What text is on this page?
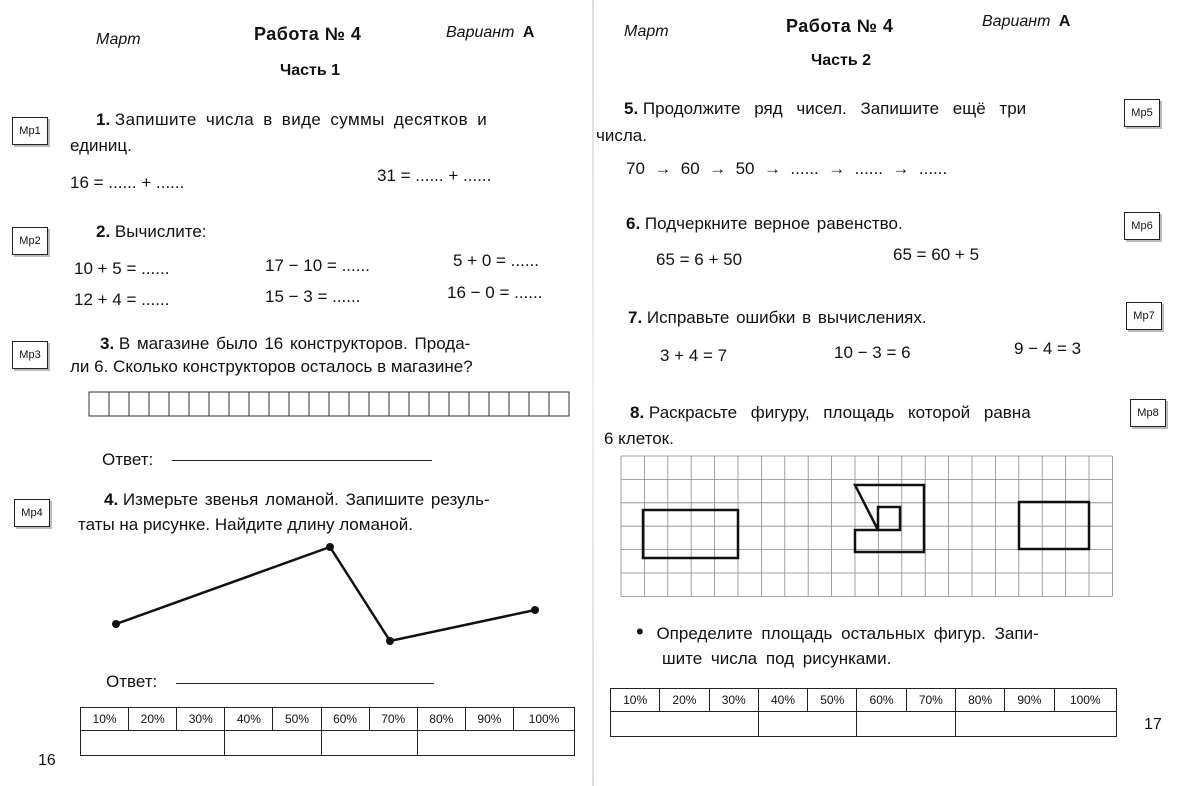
Март	Работа № 4	Вариант А
Часть 1
Мр1
1. Запишите числа в виде суммы десятков и
единиц.
16 = ...... + ......	31 = ...... + ......
Мр2	2. Вычислите:
10 + 5 = ......	17 − 10 = ......	5 + 0 = ......
12 + 4 = ......	15 − 3 = ......	16 − 0 = ......
Мр3
3. В магазине было 16 конструкторов. Прода-
ли 6. Сколько конструкторов осталось в магазине?
Ответ:
Мр4
4. Измерьте звенья ломаной. Запишите резуль-
таты на рисунке. Найдите длину ломаной.
Ответ:
10%	20%	30%	40%	50%	60%	70%	80%	90%	100%

16
Март	Работа № 4	Вариант А
Часть 2
Мр5
5. Продолжите ряд чисел. Запишите ещё три
числа.
70  →  60  →  50  →  ......  →  ......  →  ......
Мр6
6. Подчеркните верное равенство.
65 = 6 + 50	65 = 60 + 5
Мр7
7. Исправьте ошибки в вычислениях.
3 + 4 = 7	10 − 3 = 6	9 − 4 = 3
Мр8
8. Раскрасьте фигуру, площадь которой равна
6 клеток.
• Определите площадь остальных фигур. Запи-
шите числа под рисунками.
10%	20%	30%	40%	50%	60%	70%	80%	90%	100%

17
